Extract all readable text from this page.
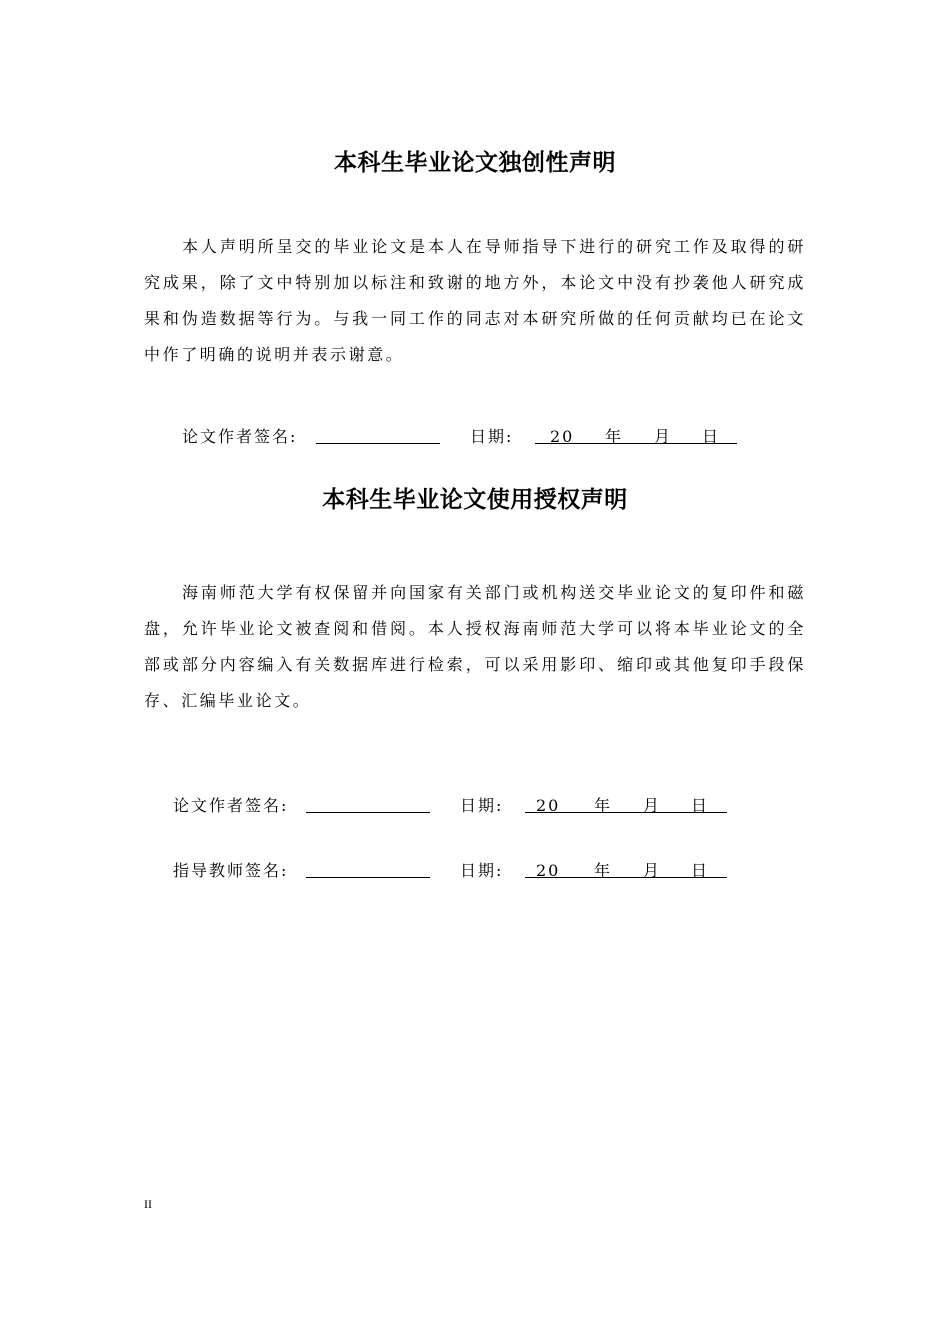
本科生毕业论文独创性声明

本人声明所呈交的毕业论文是本人在导师指导下进行的研究工作及取得的研究成果，除了文中特别加以标注和致谢的地方外，本论文中没有抄袭他人研究成果和伪造数据等行为。与我一同工作的同志对本研究所做的任何贡献均已在论文中作了明确的说明并表示谢意。

论文作者签名:	日期: 20 年 月 日
本科生毕业论文使用授权声明

海南师范大学有权保留并向国家有关部门或机构送交毕业论文的复印件和磁盘，允许毕业论文被查阅和借阅。本人授权海南师范大学可以将本毕业论文的全部或部分内容编入有关数据库进行检索，可以采用影印、缩印或其他复印手段保存、汇编毕业论文。

论文作者签名:	日期: 20 年 月 日
指导教师签名:	日期: 20 年 月 日
II
